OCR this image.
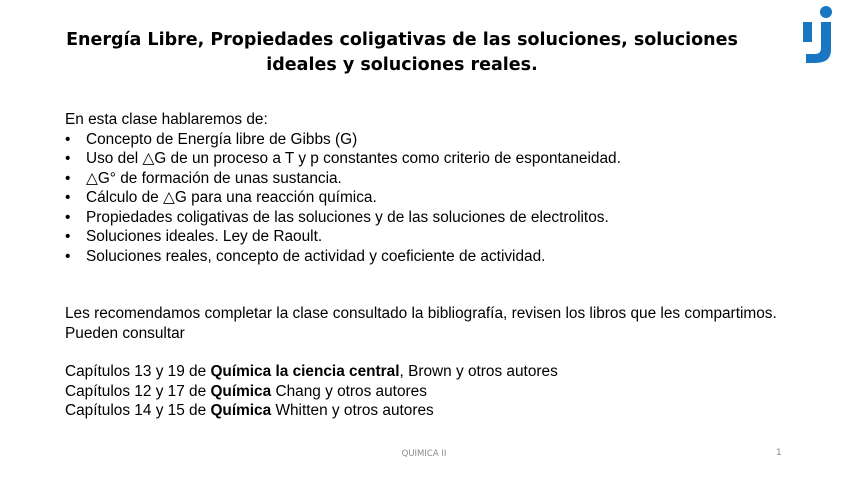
Energía Libre, Propiedades coligativas de las soluciones, soluciones ideales y soluciones reales.

En esta clase hablaremos de:

• Concepto de Energía libre de Gibbs (G)
• Uso del △G de un proceso a T y p constantes como criterio de espontaneidad.
• △G° de formación de unas sustancia.
• Cálculo de △G para una reacción química.
• Propiedades coligativas de las soluciones y de las soluciones de electrolitos.
• Soluciones ideales. Ley de Raoult.
• Soluciones reales, concepto de actividad y coeficiente de actividad.

Les recomendamos completar la clase consultado la bibliografía, revisen los libros que les compartimos. Pueden consultar

Capítulos 13 y 19 de Química la ciencia central, Brown y otros autores
Capítulos 12 y 17 de Química Chang y otros autores
Capítulos 14 y 15 de Química Whitten y otros autores
QUIMICA II	1
